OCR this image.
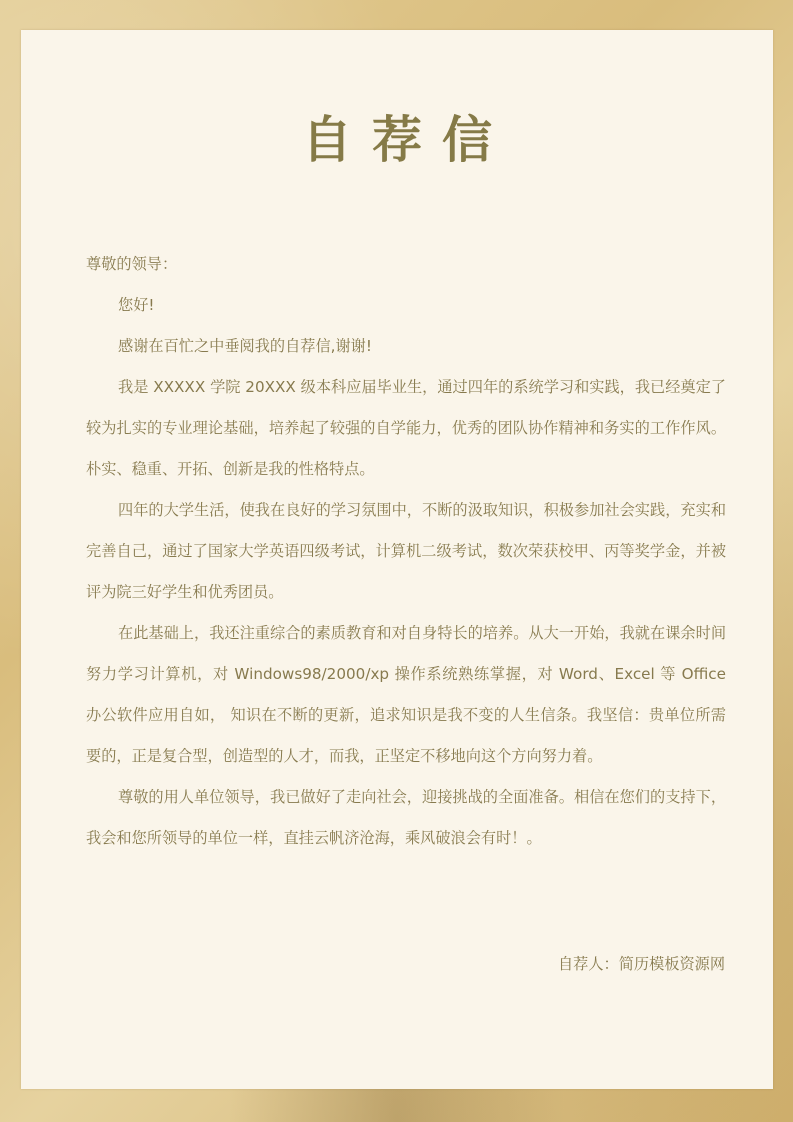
自荐信

尊敬的领导：

您好!

感谢在百忙之中垂阅我的自荐信,谢谢!

我是 XXXXX 学院 20XXX 级本科应届毕业生，通过四年的系统学习和实践，我已经奠定了较为扎实的专业理论基础，培养起了较强的自学能力，优秀的团队协作精神和务实的工作作风。朴实、稳重、开拓、创新是我的性格特点。

四年的大学生活，使我在良好的学习氛围中，不断的汲取知识，积极参加社会实践，充实和完善自己，通过了国家大学英语四级考试，计算机二级考试，数次荣获校甲、丙等奖学金，并被评为院三好学生和优秀团员。

在此基础上，我还注重综合的素质教育和对自身特长的培养。从大一开始，我就在课余时间努力学习计算机，对 Windows98/2000/xp 操作系统熟练掌握，对 Word、Excel 等 Office 办公软件应用自如， 知识在不断的更新，追求知识是我不变的人生信条。我坚信：贵单位所需要的，正是复合型，创造型的人才，而我，正坚定不移地向这个方向努力着。

尊敬的用人单位领导，我已做好了走向社会，迎接挑战的全面准备。相信在您们的支持下，我会和您所领导的单位一样，直挂云帆济沧海，乘风破浪会有时！。

自荐人：简历模板资源网
